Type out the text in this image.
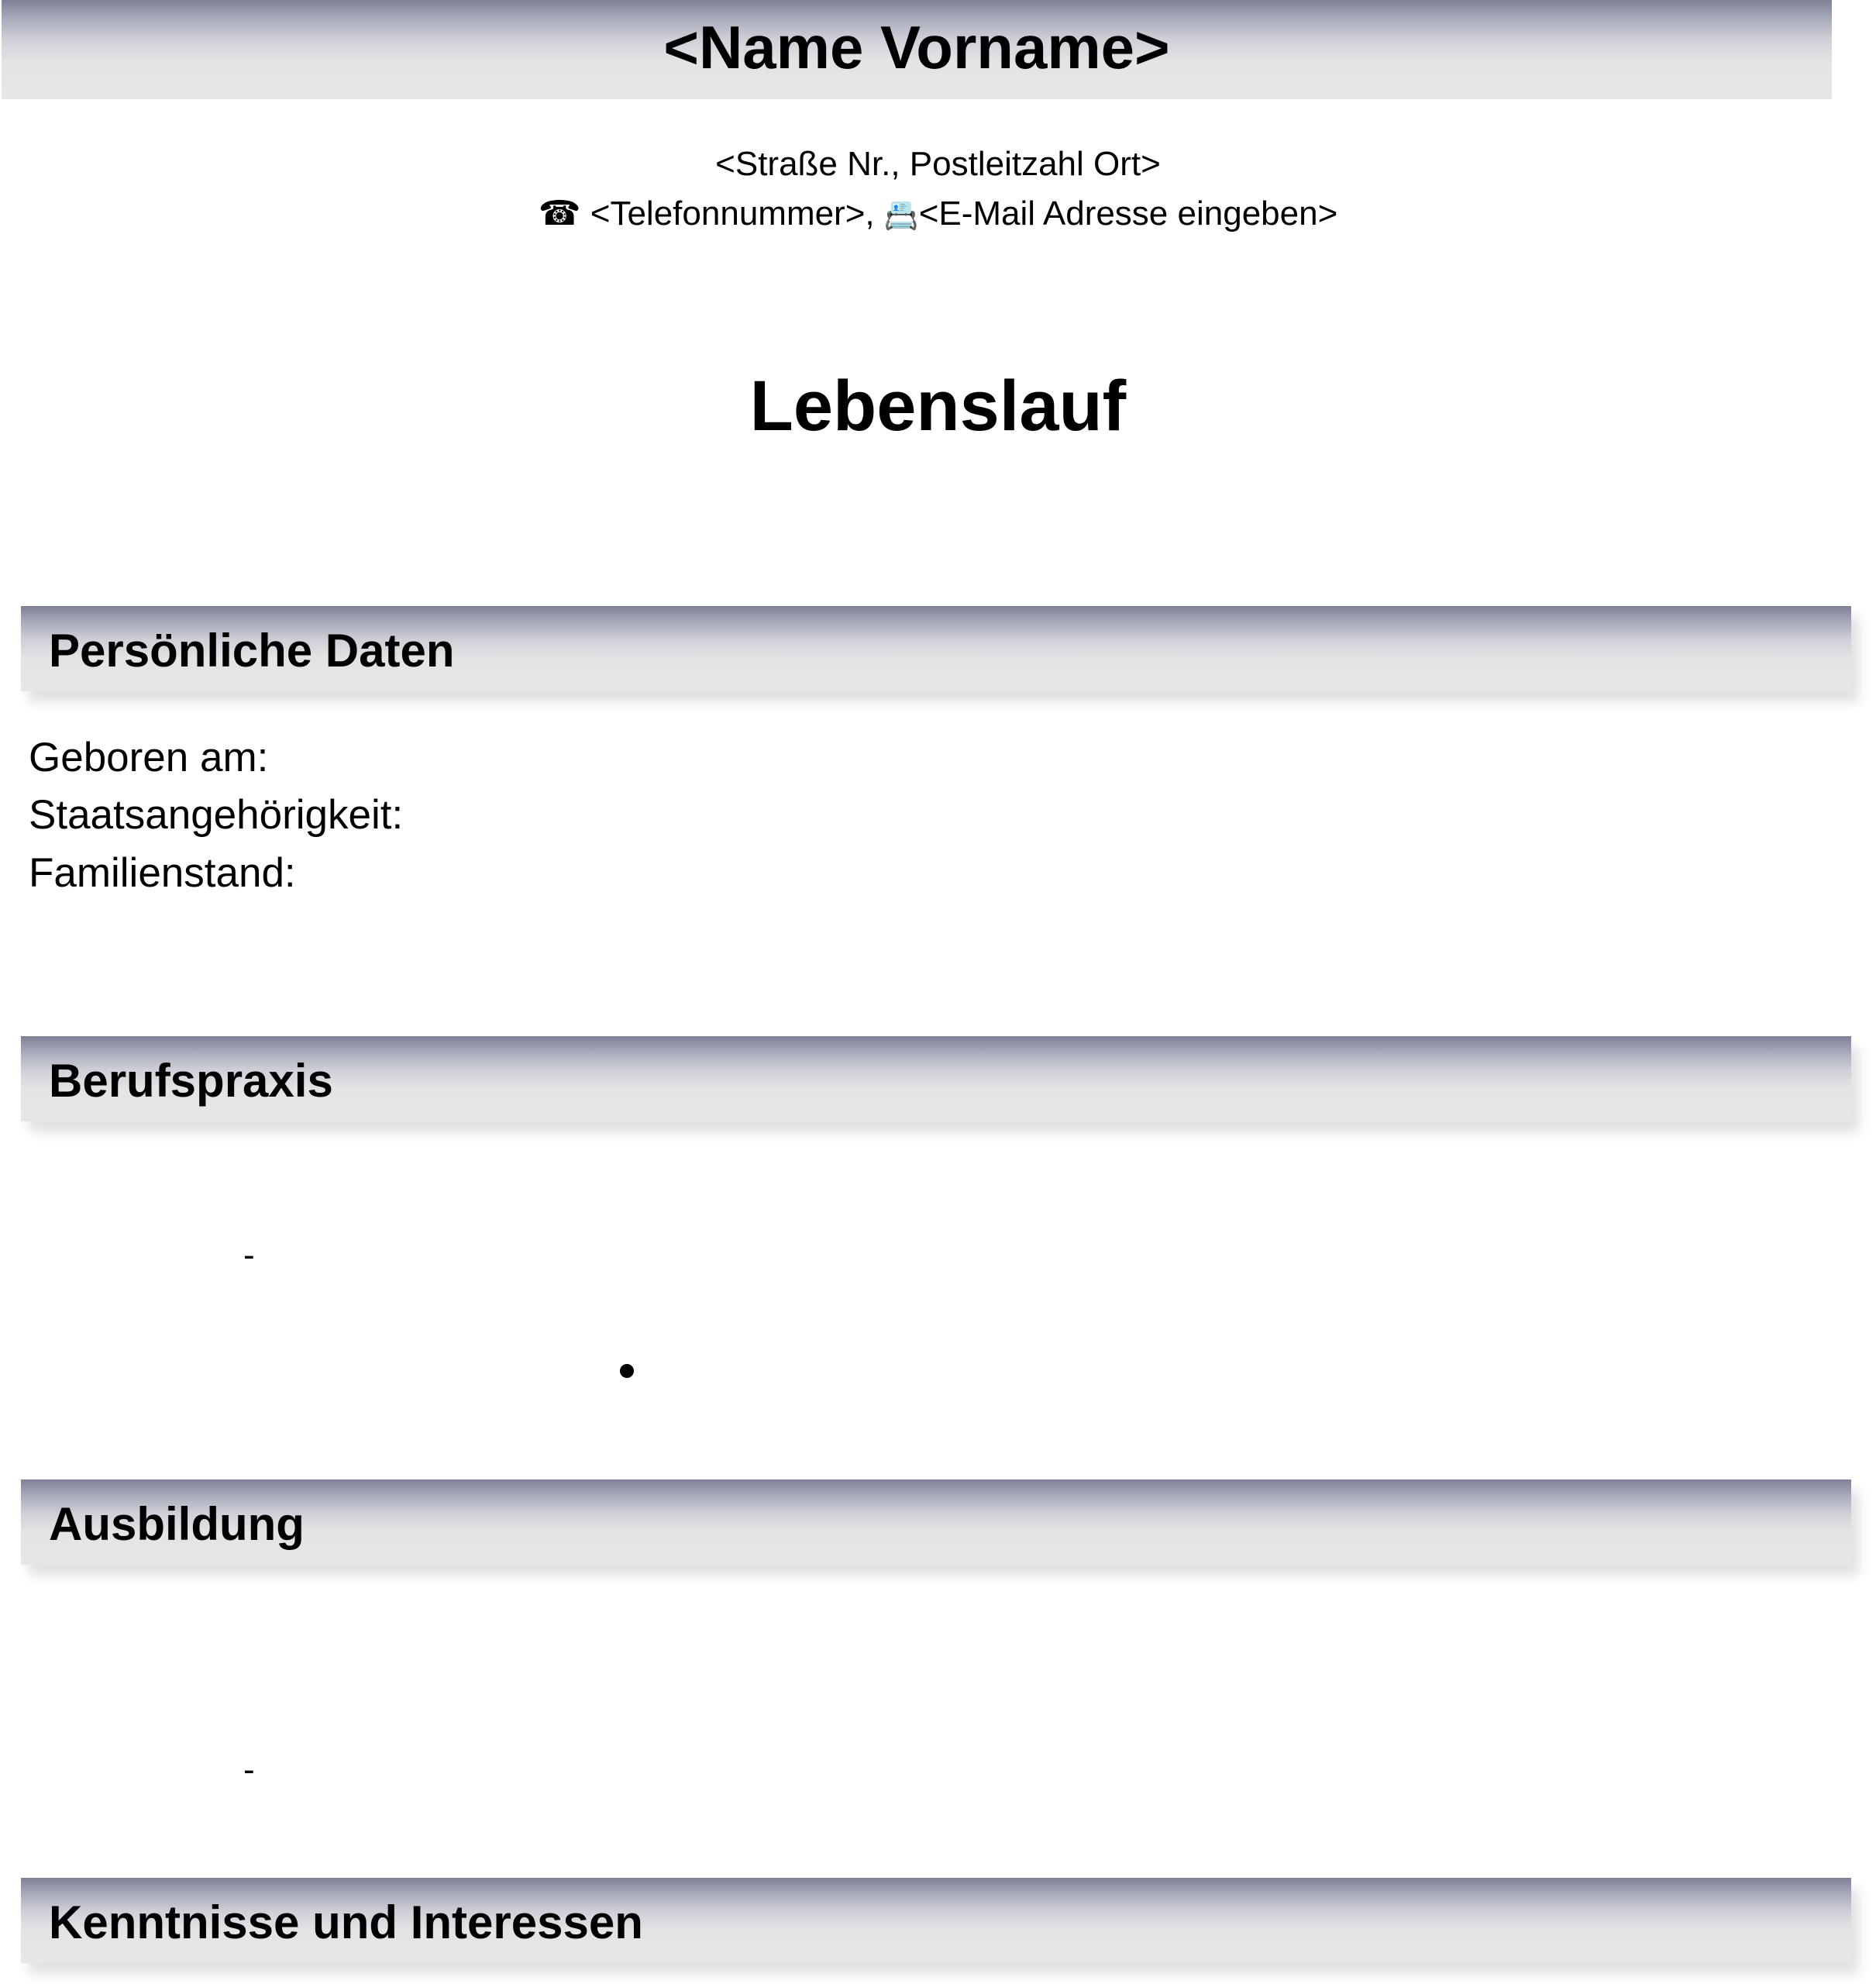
<Name Vorname>
<Straße Nr., Postleitzahl Ort>
☎ <Telefonnummer>, 📇<E-Mail Adresse eingeben>
Lebenslauf
Persönliche Daten
Geboren am:
Staatsangehörigkeit:
Familienstand:
Berufspraxis
-
Ausbildung
-
Kenntnisse und Interessen
